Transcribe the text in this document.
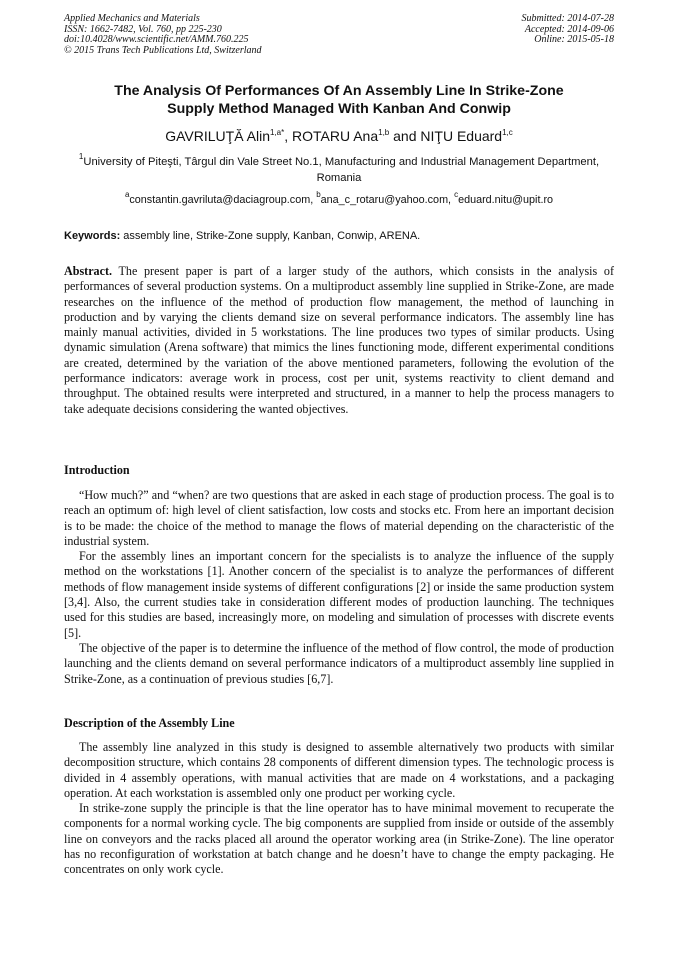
Applied Mechanics and Materials
ISSN: 1662-7482, Vol. 760, pp 225-230
doi:10.4028/www.scientific.net/AMM.760.225
© 2015 Trans Tech Publications Ltd, Switzerland
Submitted: 2014-07-28
Accepted: 2014-09-06
Online: 2015-05-18
The Analysis Of Performances Of An Assembly Line In Strike-Zone
Supply Method Managed With Kanban And Conwip
GAVRILUŢĂ Alin$^{1,a*}$, ROTARU Ana$^{1,b}$ and NIŢU Eduard$^{1,c}$
$^1$University of Piteşti, Târgul din Vale Street No.1, Manufacturing and Industrial Management Department, Romania
$^a$constantin.gavriluta@daciagroup.com, $^b$ana_c_rotaru@yahoo.com, $^c$eduard.nitu@upit.ro
Keywords: assembly line, Strike-Zone supply, Kanban, Conwip, ARENA.

Abstract. The present paper is part of a larger study of the authors, which consists in the analysis of performances of several production systems. On a multiproduct assembly line supplied in Strike-Zone, are made researches on the influence of the method of production flow management, the method of launching in production and by varying the clients demand size on several performance indicators. The assembly line has mainly manual activities, divided in 5 workstations. The line produces two types of similar products. Using dynamic simulation (Arena software) that mimics the lines functioning mode, different experimental conditions are created, determined by the variation of the above mentioned parameters, following the evolution of the performance indicators: average work in process, cost per unit, systems reactivity to client demand and throughput. The obtained results were interpreted and structured, in a manner to help the process managers to take adequate decisions considering the wanted objectives.

Introduction

“How much?” and “when? are two questions that are asked in each stage of production process. The goal is to reach an optimum of: high level of client satisfaction, low costs and stocks etc. From here an important decision is to be made: the choice of the method to manage the flows of material depending on the characteristic of the industrial system.

For the assembly lines an important concern for the specialists is to analyze the influence of the supply method on the workstations [1]. Another concern of the specialist is to analyze the performances of different methods of flow management inside systems of different configurations [2] or inside the same production system [3,4]. Also, the current studies take in consideration different modes of production launching. The techniques used for this studies are based, increasingly more, on modeling and simulation of processes with discrete events [5].

The objective of the paper is to determine the influence of the method of flow control, the mode of production launching and the clients demand on several performance indicators of a multiproduct assembly line supplied in Strike-Zone, as a continuation of previous studies [6,7].

Description of the Assembly Line

The assembly line analyzed in this study is designed to assemble alternatively two products with similar decomposition structure, which contains 28 components of different dimension types. The technologic process is divided in 4 assembly operations, with manual activities that are made on 4 workstations, and a packaging operation. At each workstation is assembled only one product per working cycle.

In strike-zone supply the principle is that the line operator has to have minimal movement to recuperate the components for a normal working cycle. The big components are supplied from inside or outside of the assembly line on conveyors and the racks placed all around the operator working area (in Strike-Zone). The line operator has no reconfiguration of workstation at batch change and he doesn’t have to change the empty packaging. He concentrates on only work cycle.
